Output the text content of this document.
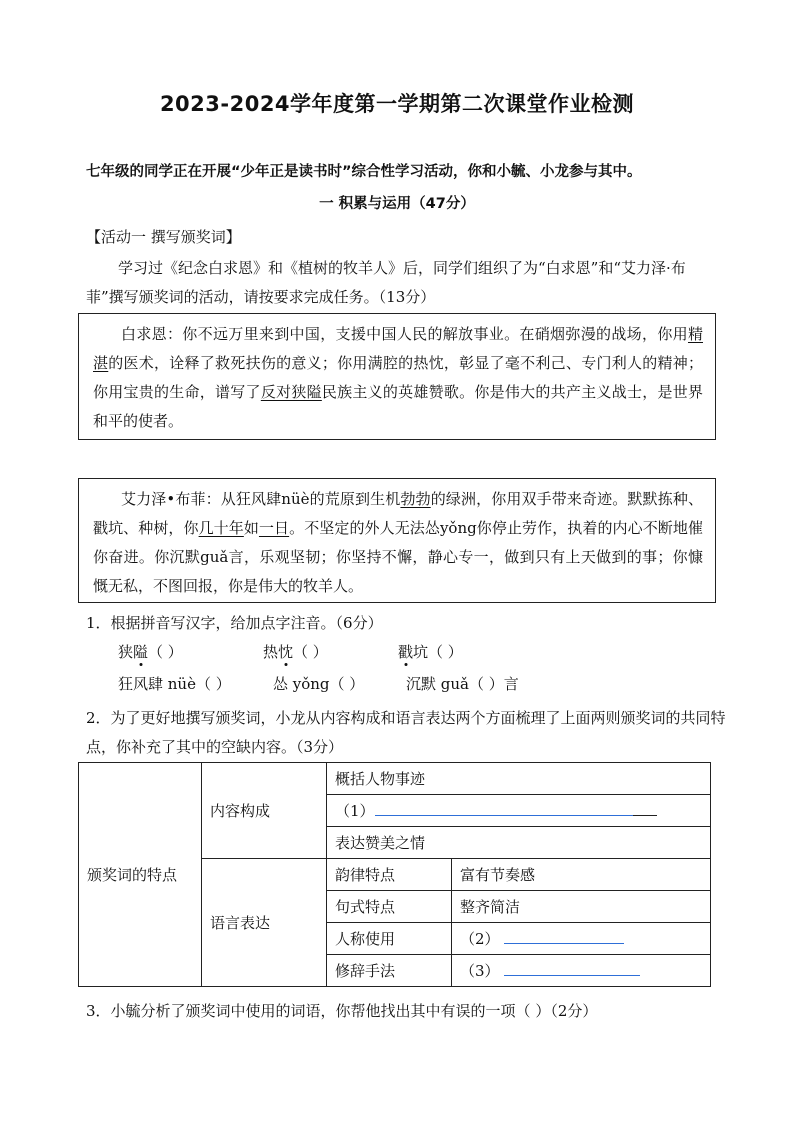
2023-2024学年度第一学期第二次课堂作业检测
七年级的同学正在开展“少年正是读书时”综合性学习活动，你和小毓、小龙参与其中。
一 积累与运用（47分）
【活动一 撰写颁奖词】
学习过《纪念白求恩》和《植树的牧羊人》后，同学们组织了为“白求恩”和“艾力泽·布菲”撰写颁奖词的活动，请按要求完成任务。（13分）
白求恩：你不远万里来到中国，支援中国人民的解放事业。在硝烟弥漫的战场，你用精湛的医术，诠释了救死扶伤的意义；你用满腔的热忱，彰显了毫不利己、专门利人的精神；你用宝贵的生命，谱写了反对狭隘民族主义的英雄赞歌。你是伟大的共产主义战士，是世界和平的使者。
艾力泽•布菲：从狂风肆nüè的荒原到生机勃勃的绿洲，你用双手带来奇迹。默默拣种、戳坑、种树，你几十年如一日。不坚定的外人无法怂yǒng你停止劳作，执着的内心不断地催你奋进。你沉默guǎ言，乐观坚韧；你坚持不懈，静心专一，做到只有上天做到的事；你慷慨无私，不图回报，你是伟大的牧羊人。
1．根据拼音写汉字，给加点字注音。（6分）
狭隘（ ）	热忱（ ）	戳坑（ ）
狂风肆 nüè（ ）	怂 yǒng（ ）	沉默 guǎ（ ）言
2．为了更好地撰写颁奖词，小龙从内容构成和语言表达两个方面梳理了上面两则颁奖词的共同特点，你补充了其中的空缺内容。（3分）
颁奖词的特点	内容构成	概括人物事迹	
		（1）	
		表达赞美之情	
	语言表达	韵律特点	富有节奏感
		句式特点	整齐简洁
		人称使用	（2）
		修辞手法	（3）
3．小毓分析了颁奖词中使用的词语，你帮他找出其中有误的一项（ ）（2分）
